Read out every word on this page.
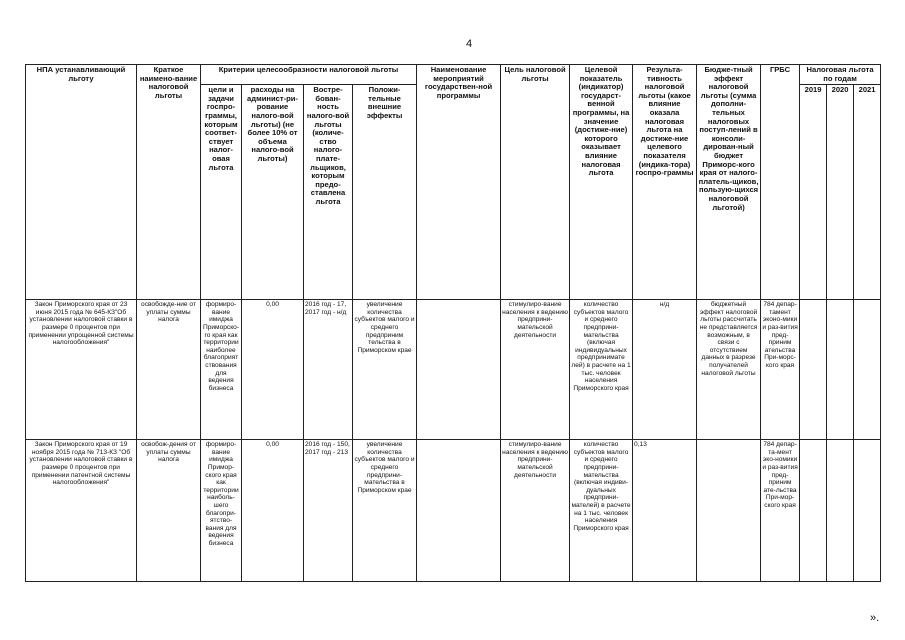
4
НПА устанавливающий льготу	Краткое наимено-вание налоговой льготы	Критерии целесообразности налоговой льготы				Наименование мероприятий государствен-ной программы	Цель налоговой льготы	Целевой показатель (индикатор) государст-венной программы, на значение (достиже-ние) которого оказывает влияние налоговая льгота	Результа-тивность налоговой льготы (какое влияние оказала налоговая льгота на достиже-ние целевого показателя (индика-тора) госпро-граммы	Бюдже-тный эффект налоговой льготы (сумма дополни-тельных налоговых поступ-лений в консоли-дирован-ный бюджет Приморс-кого края от налого-платель-щиков, пользую-щихся налоговой льготой)	ГРБС	Налоговая льгота по годам		
		цели и задачи госпро-граммы, которым соответ-ствует налог-овая льгота	расходы на админист-ри-рование налого-вой льготы) (не более 10% от объема налого-вой льготы)	Востре-бован-ность налого-вой льготы (количе-ство налого-плате-льщиков, которым предо-ставлена льгота	Положи-тельные внешние эффекты							2019	2020	2021
Закон Приморского края от 23 июня 2015 года № 645-КЗ"Об установлении налоговой ставки в размере 0 процентов при применении упрощенной системы налогообложения"	освобожде-ние от уплаты суммы налога	формиро-вание имиджа Приморско-го края как территории наиболее благоприят ствования для ведения бизнеса	0,00	2016 год - 17, 2017 год - н/д	увеличение количества субъектов малого и среднего предприним тельства в Приморском крае		стимулиро-вание населения к ведению предприни-мательской деятельности	количество субъектов малого и среднего предприни-мательства (включая индивидуальных предпринимате лей) в расчете на 1 тыс. человек населения Приморского края	н/д	бюджетный эффект налоговой льготы рассчитать не представляется возможным, в связи с отсутствием данных в разрезе получателей налоговой льготы	784 депар-тамент эконо-мики и раз-вития пред-приним ательства При-морс-кого края			
Закон Приморского края от 19 ноября 2015 года № 713-КЗ "Об установлении налоговой ставки в размере 0 процентов при применении патентной системы налогообложения"	освобож-дения от уплаты суммы налога	формиро-вание имиджа Примор-ского края как территории наиболь-шего благопри-ятство-вания для ведения бизнеса	0,00	2016 год - 150, 2017 год - 213	увеличение количества субъектов малого и среднего предприни-мательства в Приморском крае		стимулиро-вание населения к ведению предприни-мательской деятельности	количество субъектов малого и среднего предприни-мательства (включая индиви-дуальных предприни-мателей) в расчете на 1 тыс. человек населения Приморского края	0,13		784 депар-та-мент эко-номики и раз-вития пред-приним ате-льства При-мор-ского края			
».
